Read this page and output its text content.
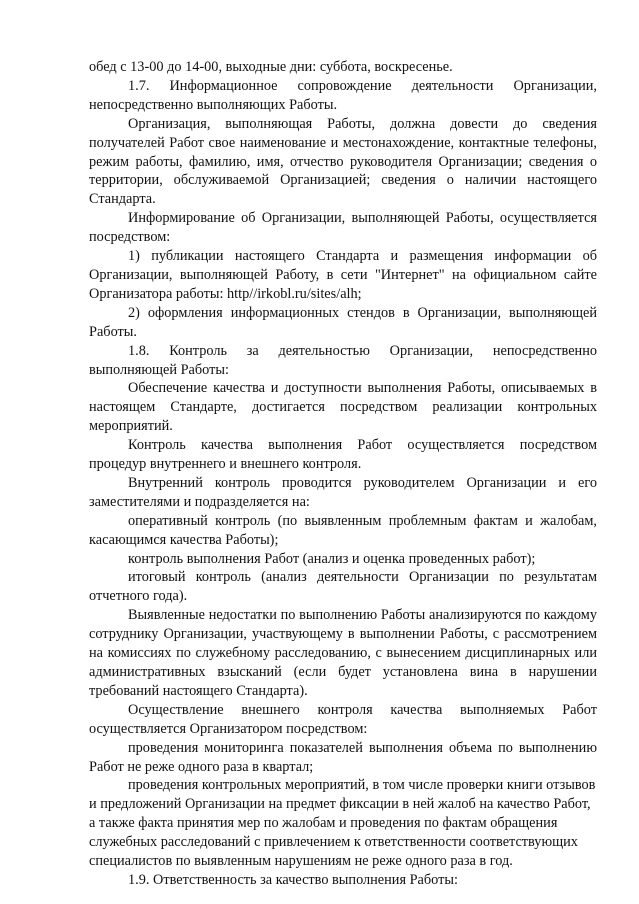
обед с 13-00 до 14-00, выходные дни: суббота, воскресенье.

1.7. Информационное сопровождение деятельности Организации, непосредственно выполняющих Работы.

Организация, выполняющая Работы, должна довести до сведения получателей Работ свое наименование и местонахождение, контактные телефоны, режим работы, фамилию, имя, отчество руководителя Организации; сведения о территории, обслуживаемой Организацией; сведения о наличии настоящего Стандарта.

Информирование об Организации, выполняющей Работы, осуществляется посредством:

1) публикации настоящего Стандарта и размещения информации об Организации, выполняющей Работу, в сети "Интернет" на официальном сайте Организатора работы: http//irkobl.ru/sites/alh;

2) оформления информационных стендов в Организации, выполняющей Работы.

1.8. Контроль за деятельностью Организации, непосредственно выполняющей Работы:

Обеспечение качества и доступности выполнения Работы, описываемых в настоящем Стандарте, достигается посредством реализации контрольных мероприятий.

Контроль качества выполнения Работ осуществляется посредством процедур внутреннего и внешнего контроля.

Внутренний контроль проводится руководителем Организации и его заместителями и подразделяется на:

оперативный контроль (по выявленным проблемным фактам и жалобам, касающимся качества Работы);

контроль выполнения Работ (анализ и оценка проведенных работ);

итоговый контроль (анализ деятельности Организации по результатам отчетного года).

Выявленные недостатки по выполнению Работы анализируются по каждому сотруднику Организации, участвующему в выполнении Работы, с рассмотрением на комиссиях по служебному расследованию, с вынесением дисциплинарных или административных взысканий (если будет установлена вина в нарушении требований настоящего Стандарта).

Осуществление внешнего контроля качества выполняемых Работ осуществляется Организатором посредством:

проведения мониторинга показателей выполнения объема по выполнению Работ не реже одного раза в квартал;

проведения контрольных мероприятий, в том числе проверки книги отзывов и предложений Организации на предмет фиксации в ней жалоб на качество Работ, а также факта принятия мер по жалобам и проведения по фактам обращения служебных расследований с привлечением к ответственности соответствующих специалистов по выявленным нарушениям не реже одного раза в год.

1.9. Ответственность за качество выполнения Работы:
